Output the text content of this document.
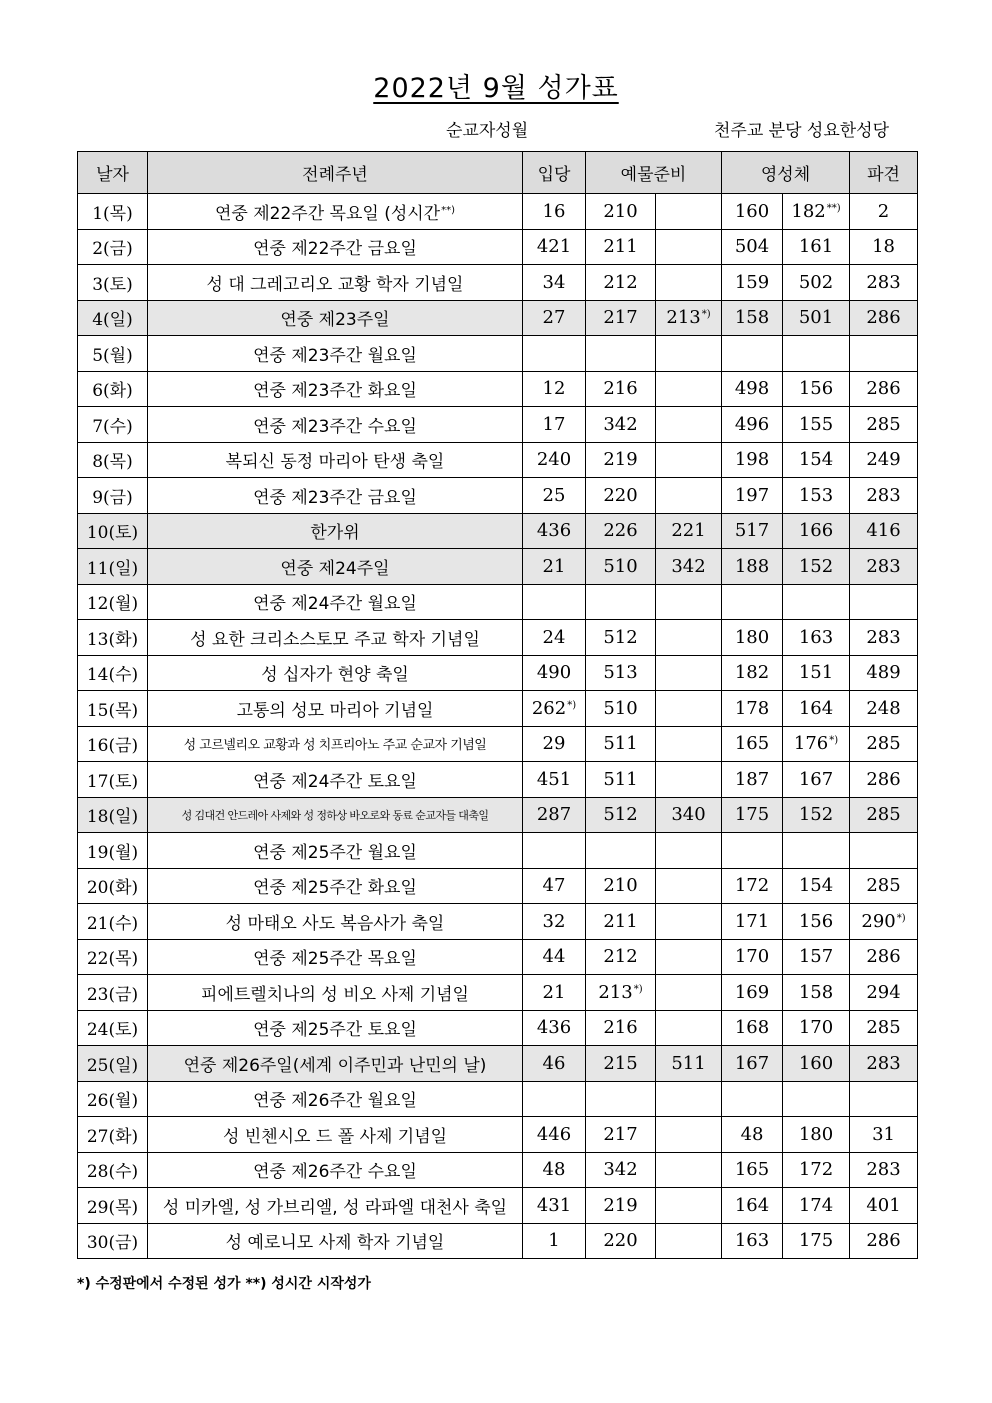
2022년 9월 성가표
순교자성월	천주교 분당 성요한성당
날자	전례주년	입당	예물준비		영성체		파견
1(목)	연중 제22주간 목요일 (성시간**)	16	210		160	182**)	2
2(금)	연중 제22주간 금요일	421	211		504	161	18
3(토)	성 대 그레고리오 교황 학자 기념일	34	212		159	502	283
4(일)	연중 제23주일	27	217	213*)	158	501	286
5(월)	연중 제23주간 월요일						
6(화)	연중 제23주간 화요일	12	216		498	156	286
7(수)	연중 제23주간 수요일	17	342		496	155	285
8(목)	복되신 동정 마리아 탄생 축일	240	219		198	154	249
9(금)	연중 제23주간 금요일	25	220		197	153	283
10(토)	한가위	436	226	221	517	166	416
11(일)	연중 제24주일	21	510	342	188	152	283
12(월)	연중 제24주간 월요일						
13(화)	성 요한 크리소스토모 주교 학자 기념일	24	512		180	163	283
14(수)	성 십자가 현양 축일	490	513		182	151	489
15(목)	고통의 성모 마리아 기념일	262*)	510		178	164	248
16(금)	성 고르넬리오 교황과 성 치프리아노 주교 순교자 기념일	29	511		165	176*)	285
17(토)	연중 제24주간 토요일	451	511		187	167	286
18(일)	성 김대건 안드레아 사제와 성 정하상 바오로와 동료 순교자들 대축일	287	512	340	175	152	285
19(월)	연중 제25주간 월요일						
20(화)	연중 제25주간 화요일	47	210		172	154	285
21(수)	성 마태오 사도 복음사가 축일	32	211		171	156	290*)
22(목)	연중 제25주간 목요일	44	212		170	157	286
23(금)	피에트렐치나의 성 비오 사제 기념일	21	213*)		169	158	294
24(토)	연중 제25주간 토요일	436	216		168	170	285
25(일)	연중 제26주일(세계 이주민과 난민의 날)	46	215	511	167	160	283
26(월)	연중 제26주간 월요일						
27(화)	성 빈첸시오 드 폴 사제 기념일	446	217		48	180	31
28(수)	연중 제26주간 수요일	48	342		165	172	283
29(목)	성 미카엘, 성 가브리엘, 성 라파엘 대천사 축일	431	219		164	174	401
30(금)	성 예로니모 사제 학자 기념일	1	220		163	175	286
*) 수정판에서 수정된 성가 **) 성시간 시작성가
